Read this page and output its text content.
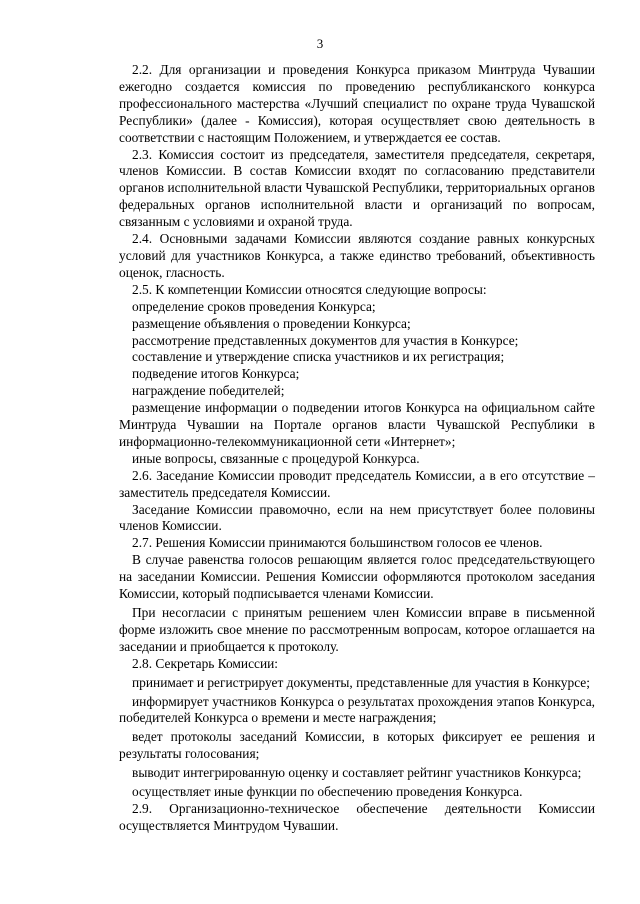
3

2.2. Для организации и проведения Конкурса приказом Минтруда Чувашии ежегодно создается комиссия по проведению республиканского конкурса профессионального мастерства «Лучший специалист по охране труда Чувашской Республики» (далее - Комиссия), которая осуществляет свою деятельность в соответствии с настоящим Положением, и утверждается ее состав.

2.3. Комиссия состоит из председателя, заместителя председателя, секретаря, членов Комиссии. В состав Комиссии входят по согласованию представители органов исполнительной власти Чувашской Республики, территориальных органов федеральных органов исполнительной власти и организаций по вопросам, связанным с условиями и охраной труда.

2.4. Основными задачами Комиссии являются создание равных конкурсных условий для участников Конкурса, а также единство требований, объективность оценок, гласность.

2.5. К компетенции Комиссии относятся следующие вопросы:

определение сроков проведения Конкурса;

размещение объявления о проведении Конкурса;

рассмотрение представленных документов для участия в Конкурсе;

составление и утверждение списка участников и их регистрация;

подведение итогов Конкурса;

награждение победителей;

размещение информации о подведении итогов Конкурса на официальном сайте Минтруда Чувашии на Портале органов власти Чувашской Республики в информационно-телекоммуникационной сети «Интернет»;

иные вопросы, связанные с процедурой Конкурса.

2.6. Заседание Комиссии проводит председатель Комиссии, а в его отсутствие – заместитель председателя Комиссии.

Заседание Комиссии правомочно, если на нем присутствует более половины членов Комиссии.

2.7. Решения Комиссии принимаются большинством голосов ее членов.

В случае равенства голосов решающим является голос председательствующего на заседании Комиссии. Решения Комиссии оформляются протоколом заседания Комиссии, который подписывается членами Комиссии.

При несогласии с принятым решением член Комиссии вправе в письменной форме изложить свое мнение по рассмотренным вопросам, которое оглашается на заседании и приобщается к протоколу.

2.8. Секретарь Комиссии:

принимает и регистрирует документы, представленные для участия в Конкурсе;

информирует участников Конкурса о результатах прохождения этапов Конкурса, победителей Конкурса о времени и месте награждения;

ведет протоколы заседаний Комиссии, в которых фиксирует ее решения и результаты голосования;

выводит интегрированную оценку и составляет рейтинг участников Конкурса;

осуществляет иные функции по обеспечению проведения Конкурса.

2.9. Организационно-техническое обеспечение деятельности Комиссии осуществляется Минтрудом Чувашии.
